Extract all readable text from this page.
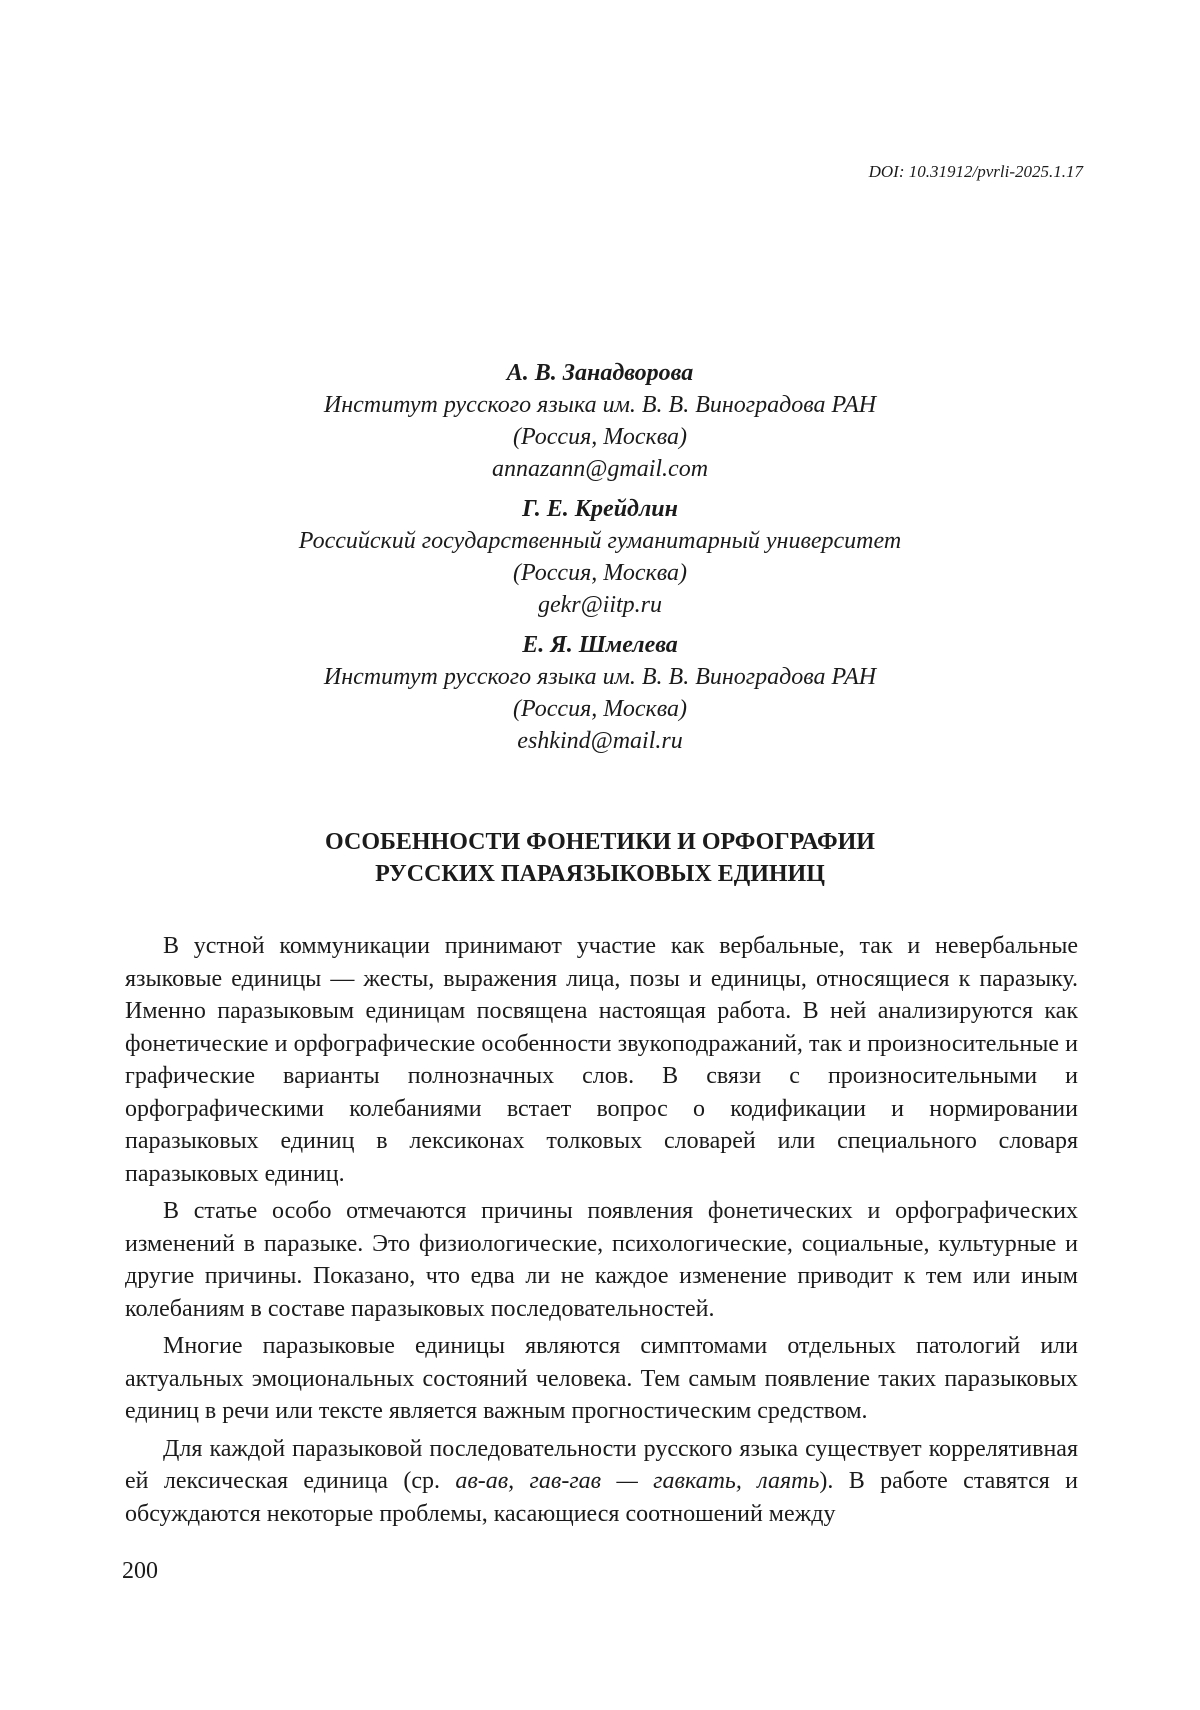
DOI: 10.31912/pvrli-2025.1.17
А. В. Занадворова
Институт русского языка им. В. В. Виноградова РАН
(Россия, Москва)
annazann@gmail.com
Г. Е. Крейдлин
Российский государственный гуманитарный университет
(Россия, Москва)
gekr@iitp.ru
Е. Я. Шмелева
Институт русского языка им. В. В. Виноградова РАН
(Россия, Москва)
eshkind@mail.ru
ОСОБЕННОСТИ ФОНЕТИКИ И ОРФОГРАФИИ
РУССКИХ ПАРАЯЗЫКОВЫХ ЕДИНИЦ

В устной коммуникации принимают участие как вербальные, так и невербальные языковые единицы — жесты, выражения лица, позы и единицы, относящиеся к паразыку. Именно паразыковым единицам посвящена настоящая работа. В ней анализируются как фонетические и орфографические особенности звукоподражаний, так и произносительные и графические варианты полнозначных слов. В связи с произносительными и орфографическими колебаниями встает вопрос о кодификации и нормировании паразыковых единиц в лексиконах толковых словарей или специального словаря паразыковых единиц.

В статье особо отмечаются причины появления фонетических и орфографических изменений в паразыке. Это физиологические, психологические, социальные, культурные и другие причины. Показано, что едва ли не каждое изменение приводит к тем или иным колебаниям в составе паразыковых последовательностей.

Многие паразыковые единицы являются симптомами отдельных патологий или актуальных эмоциональных состояний человека. Тем самым появление таких паразыковых единиц в речи или тексте является важным прогностическим средством.

Для каждой паразыковой последовательности русского языка существует коррелятивная ей лексическая единица (ср. ав-ав, гав-гав — гавкать, лаять). В работе ставятся и обсуждаются некоторые проблемы, касающиеся соотношений между

200
